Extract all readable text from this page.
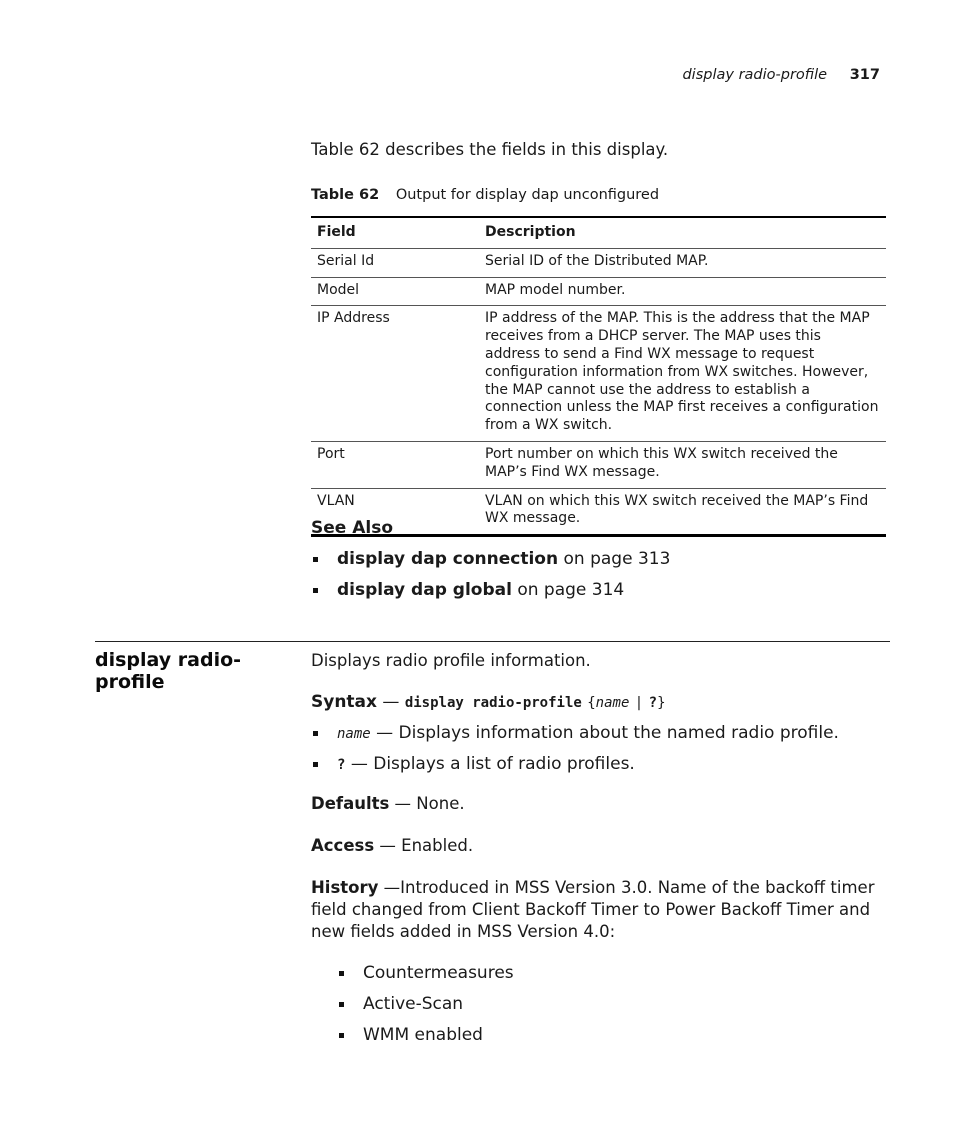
display radio-profile 317
Table 62 describes the fields in this display.
Table 62 Output for display dap unconfigured
Field	Description
Serial Id	Serial ID of the Distributed MAP.
Model	MAP model number.
IP Address	IP address of the MAP. This is the address that the MAP receives from a DHCP server. The MAP uses this address to send a Find WX message to request configuration information from WX switches. However, the MAP cannot use the address to establish a connection unless the MAP first receives a configuration from a WX switch.
Port	Port number on which this WX switch received the MAP’s Find WX message.
VLAN	VLAN on which this WX switch received the MAP’s Find WX message.
See Also
display dap connection on page 313
display dap global on page 314
display radio-profile
Displays radio profile information.
Syntax — display radio-profile {name | ?}
name — Displays information about the named radio profile.
? — Displays a list of radio profiles.
Defaults — None.
Access — Enabled.
History —Introduced in MSS Version 3.0. Name of the backoff timer field changed from Client Backoff Timer to Power Backoff Timer and new fields added in MSS Version 4.0:
Countermeasures
Active-Scan
WMM enabled
